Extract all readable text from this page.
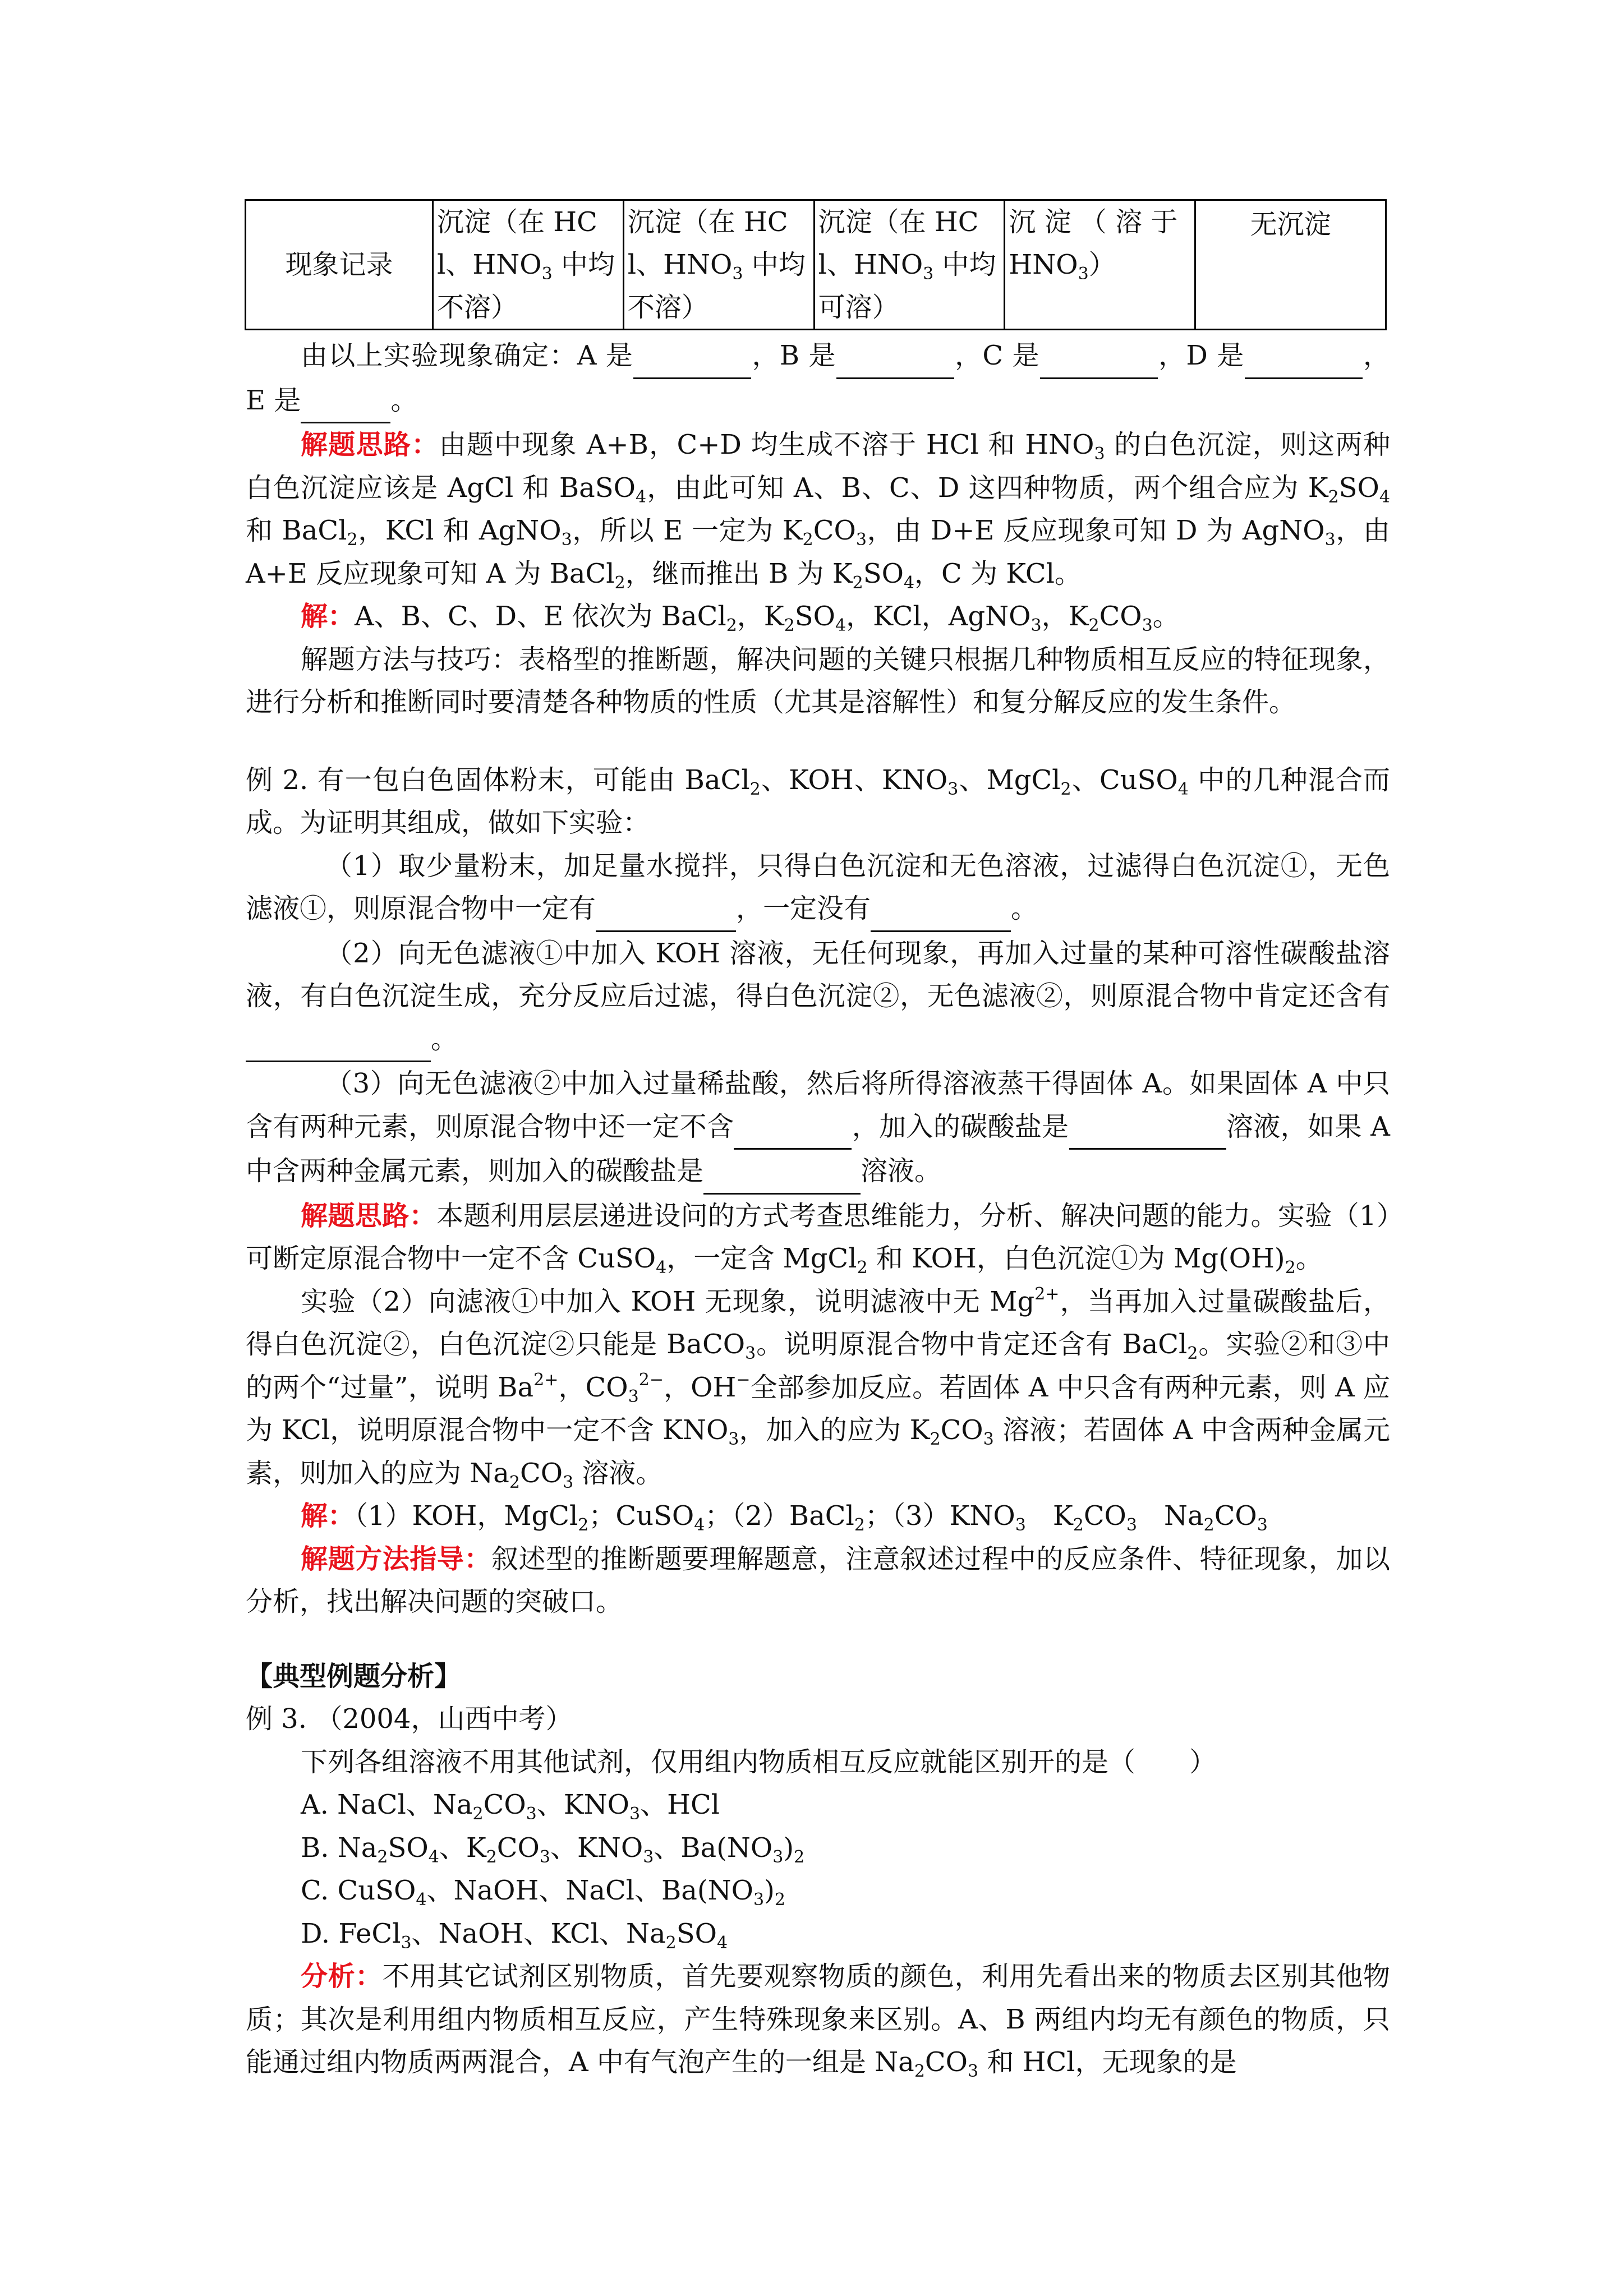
现象记录	沉淀（在 HCl、$HNO_3$ 中均不溶）	沉淀（在 HCl、$HNO_3$ 中均不溶）	沉淀（在 HCl、$HNO_3$ 中均可溶）	沉 淀 （ 溶 于 $HNO_3$）	无沉淀

由以上实验现象确定：A 是　	，B 是　	，C 是　	，D 是　	，E 是　	。

解题思路：由题中现象 A+B，C+D 均生成不溶于 HCl 和 $HNO_3$ 的白色沉淀，则这两种白色沉淀应该是 AgCl 和 BaSO$_4$，由此可知 A、B、C、D 这四种物质，两个组合应为 $K_2SO_4$ 和 BaCl$_2$，KCl 和 AgNO$_3$，所以 E 一定为 $K_2CO_3$，由 D+E 反应现象可知 D 为 AgNO$_3$，由 A+E 反应现象可知 A 为 BaCl$_2$，继而推出 B 为 $K_2SO_4$，C 为 KCl。

解：A、B、C、D、E 依次为 BaCl$_2$，$K_2SO_4$，KCl，AgNO$_3$，$K_2CO_3$。

解题方法与技巧：表格型的推断题，解决问题的关键只根据几种物质相互反应的特征现象，进行分析和推断同时要清楚各种物质的性质（尤其是溶解性）和复分解反应的发生条件。

例 2. 有一包白色固体粉末，可能由 BaCl$_2$、KOH、$KNO_3$、MgCl$_2$、CuSO$_4$ 中的几种混合而成。为证明其组成，做如下实验：

（1）取少量粉末，加足量水搅拌，只得白色沉淀和无色溶液，过滤得白色沉淀①，无色滤液①，则原混合物中一定有　	，一定没有　	。

（2）向无色滤液①中加入 KOH 溶液，无任何现象，再加入过量的某种可溶性碳酸盐溶液，有白色沉淀生成，充分反应后过滤，得白色沉淀②，无色滤液②，则原混合物中肯定还含有　。

（3）向无色滤液②中加入过量稀盐酸，然后将所得溶液蒸干得固体 A。如果固体 A 中只含有两种元素，则原混合物中还一定不含　	，加入的碳酸盐是　	溶液，如果 A 中含两种金属元素，则加入的碳酸盐是　	溶液。

解题思路：本题利用层层递进设问的方式考查思维能力，分析、解决问题的能力。实验（1）可断定原混合物中一定不含 CuSO$_4$，一定含 MgCl$_2$ 和 KOH，白色沉淀①为 $Mg(OH)_2$。

实验（2）向滤液①中加入 KOH 无现象，说明滤液中无 $Mg^{2+}$，当再加入过量碳酸盐后，得白色沉淀②，白色沉淀②只能是 BaCO$_3$。说明原混合物中肯定还含有 BaCl$_2$。实验②和③中的两个“过量”，说明 $Ba^{2+}$，$CO_3^{2-}$，OH−全部参加反应。若固体 A 中只含有两种元素，则 A 应为 KCl，说明原混合物中一定不含 $KNO_3$，加入的应为 $K_2CO_3$ 溶液；若固体 A 中含两种金属元素，则加入的应为 $Na_2CO_3$ 溶液。

解：（1）KOH，MgCl$_2$；CuSO$_4$；（2）BaCl$_2$；$(3)KNO_3$　$K_2CO_3$　$Na_2CO_3$

解题方法指导：叙述型的推断题要理解题意，注意叙述过程中的反应条件、特征现象，加以分析，找出解决问题的突破口。

【典型例题分析】

例 3. （2004，山西中考）

下列各组溶液不用其他试剂，仅用组内物质相互反应就能区别开的是（　　）

A. NaCl、$Na_2CO_3$、$KNO_3$、HCl

B. $Na_2SO_4$、$K_2CO_3$、$KNO_3$、$Ba(NO_3)_2$

C. CuSO$_4$、NaOH、NaCl、$Ba(NO_3)_2$

D. FeCl$_3$、NaOH、KCl、$Na_2SO_4$

分析：不用其它试剂区别物质，首先要观察物质的颜色，利用先看出来的物质去区别其他物质；其次是利用组内物质相互反应，产生特殊现象来区别。A、B 两组内均无有颜色的物质，只能通过组内物质两两混合，A 中有气泡产生的一组是 $Na_2CO_3$ 和 HCl，无现象的是
